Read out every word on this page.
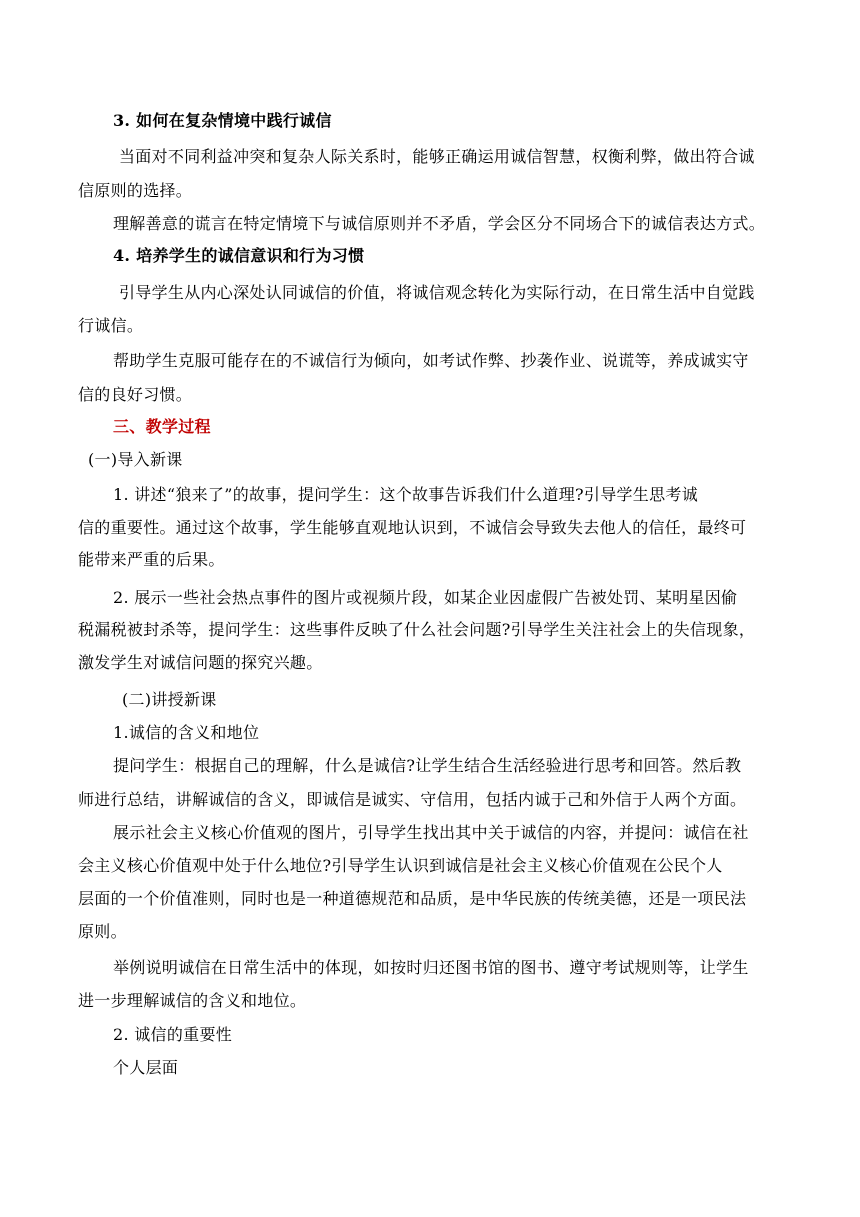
3. 如何在复杂情境中践行诚信
当面对不同利益冲突和复杂人际关系时，能够正确运用诚信智慧，权衡利弊，做出符合诚
信原则的选择。
理解善意的谎言在特定情境下与诚信原则并不矛盾，学会区分不同场合下的诚信表达方式。
4. 培养学生的诚信意识和行为习惯
引导学生从内心深处认同诚信的价值，将诚信观念转化为实际行动，在日常生活中自觉践
行诚信。
帮助学生克服可能存在的不诚信行为倾向，如考试作弊、抄袭作业、说谎等，养成诚实守
信的良好习惯。
三、教学过程
(一)导入新课
1. 讲述“狼来了”的故事，提问学生：这个故事告诉我们什么道理?引导学生思考诚
信的重要性。通过这个故事，学生能够直观地认识到，不诚信会导致失去他人的信任，最终可
能带来严重的后果。
2. 展示一些社会热点事件的图片或视频片段，如某企业因虚假广告被处罚、某明星因偷
税漏税被封杀等，提问学生：这些事件反映了什么社会问题?引导学生关注社会上的失信现象，
激发学生对诚信问题的探究兴趣。
(二)讲授新课
1.诚信的含义和地位
提问学生：根据自己的理解，什么是诚信?让学生结合生活经验进行思考和回答。然后教
师进行总结，讲解诚信的含义，即诚信是诚实、守信用，包括内诚于己和外信于人两个方面。
展示社会主义核心价值观的图片，引导学生找出其中关于诚信的内容，并提问：诚信在社
会主义核心价值观中处于什么地位?引导学生认识到诚信是社会主义核心价值观在公民个人
层面的一个价值准则，同时也是一种道德规范和品质，是中华民族的传统美德，还是一项民法
原则。
举例说明诚信在日常生活中的体现，如按时归还图书馆的图书、遵守考试规则等，让学生
进一步理解诚信的含义和地位。
2. 诚信的重要性
个人层面
